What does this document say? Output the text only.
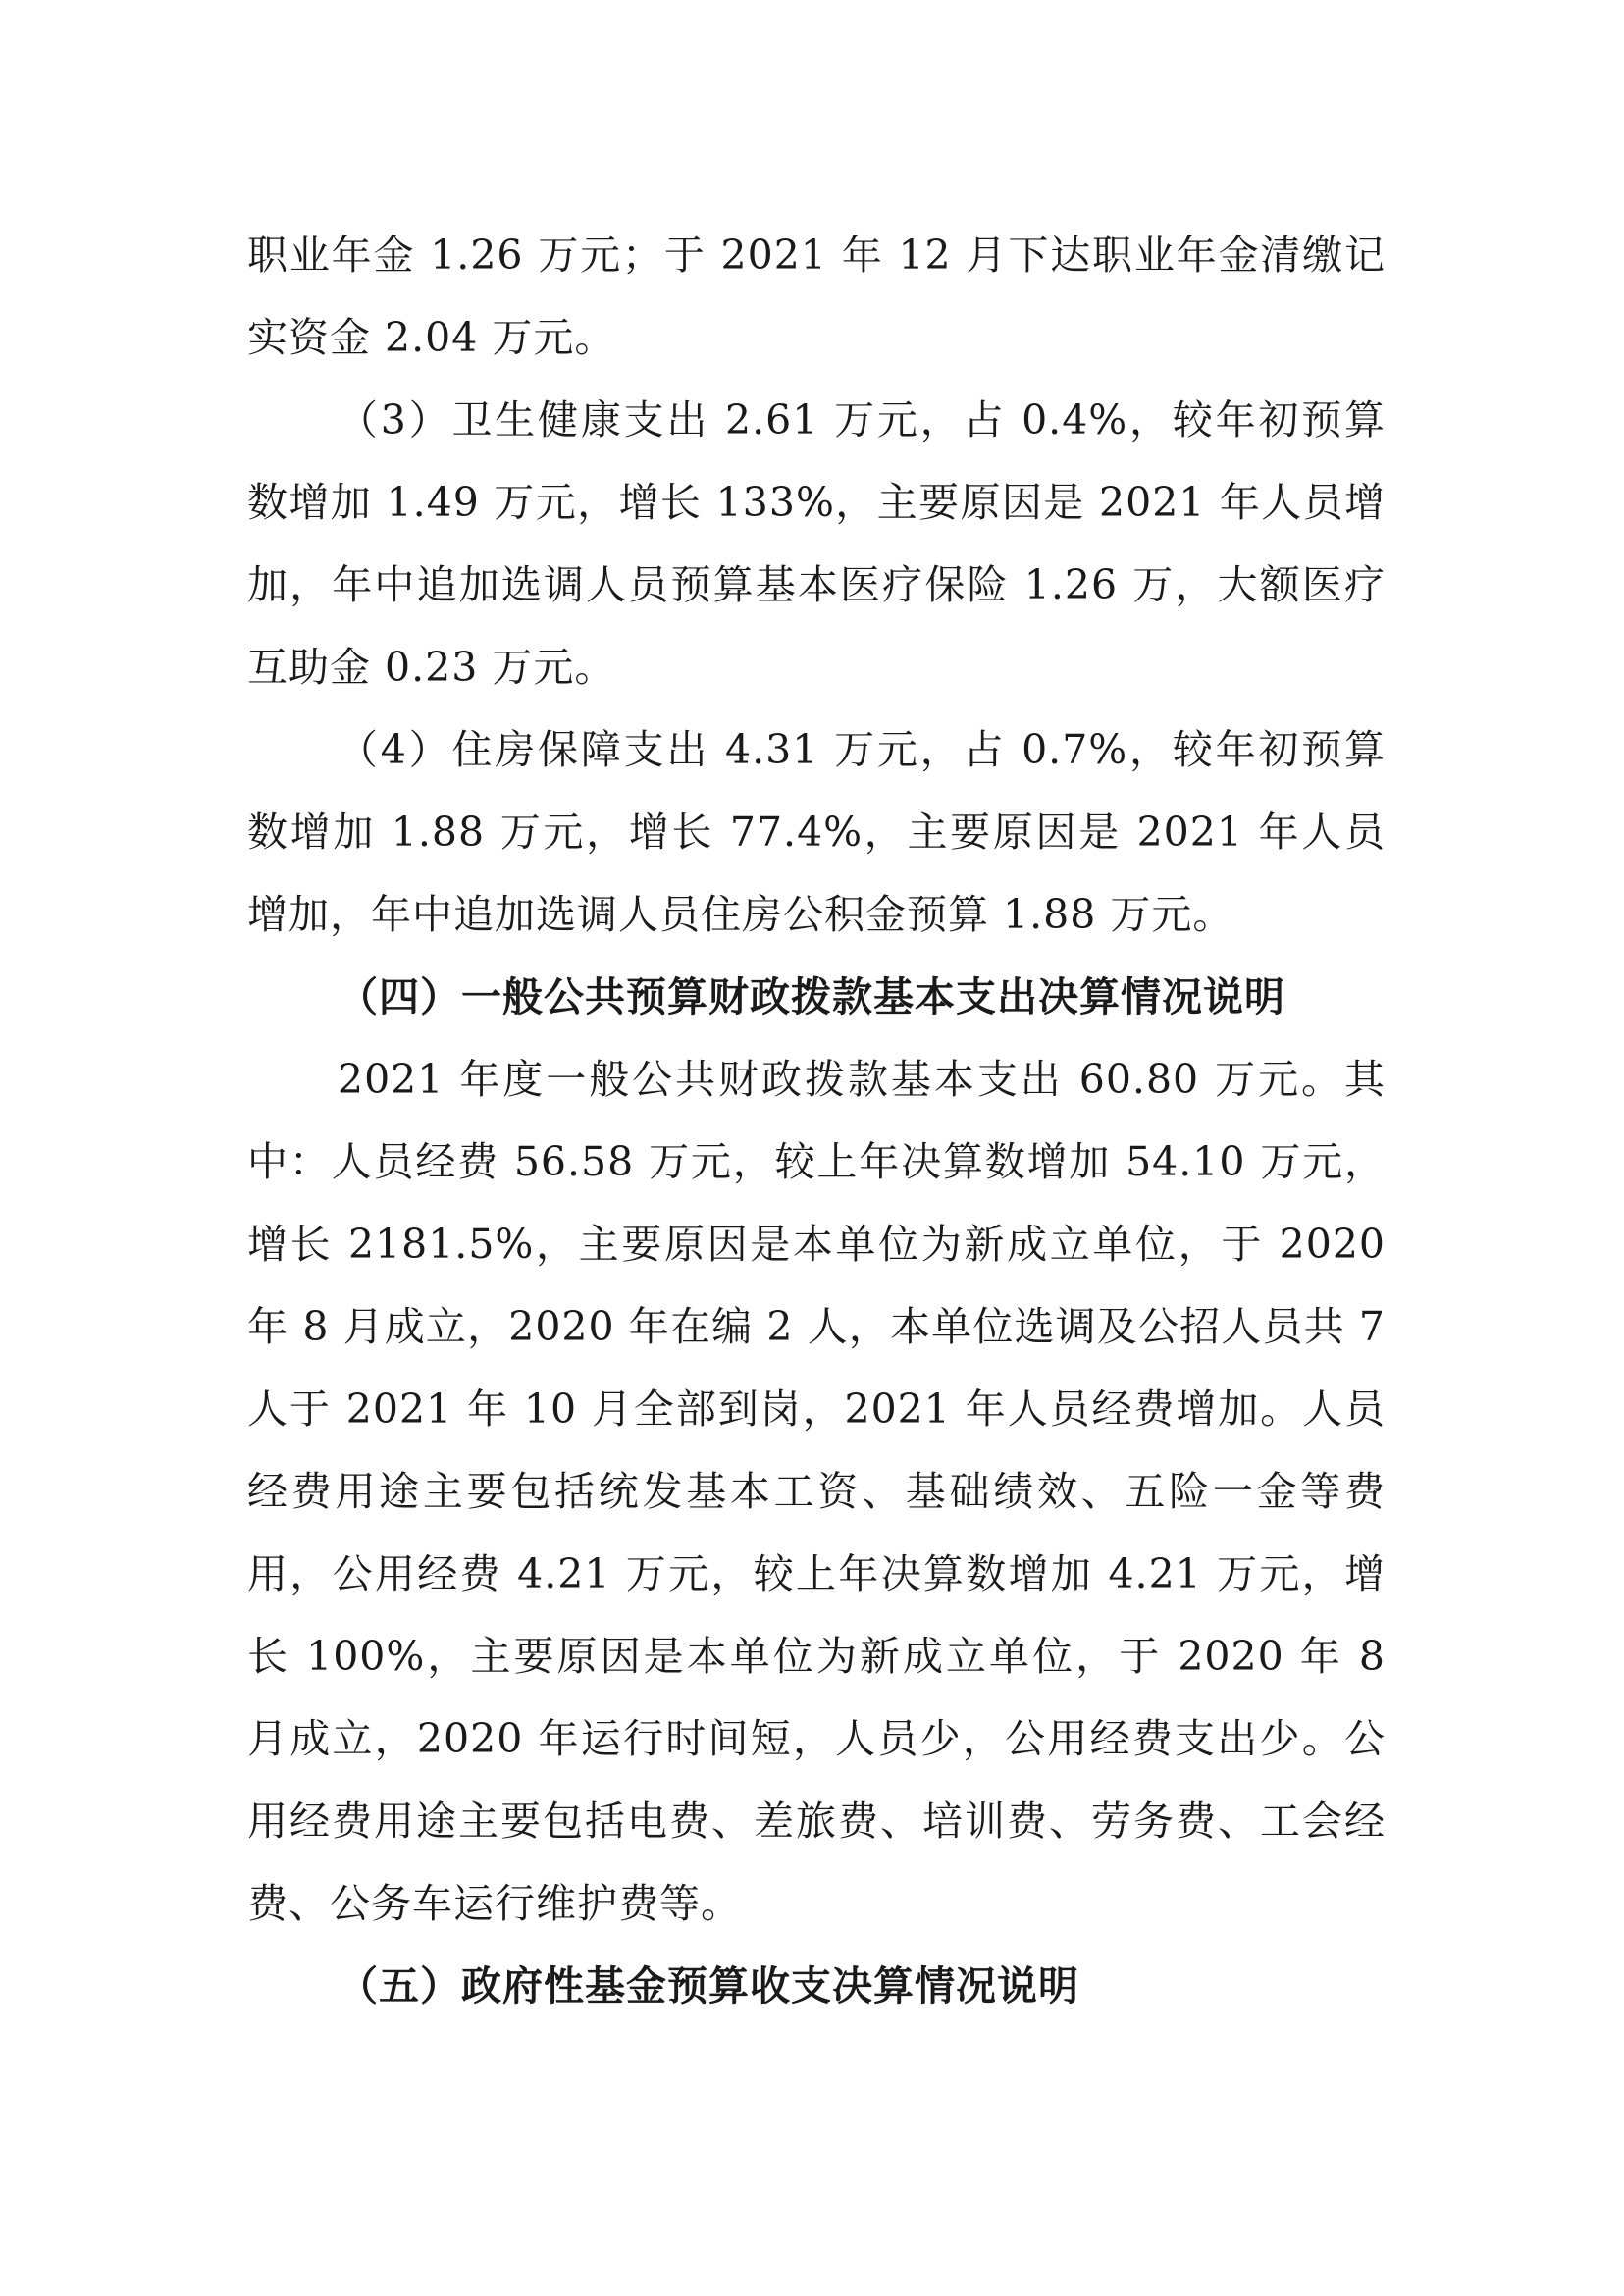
职业年金 1.26 万元；于 2021 年 12 月下达职业年金清缴记实资金 2.04 万元。

（3）卫生健康支出 2.61 万元，占 0.4%，较年初预算数增加 1.49 万元，增长 133%，主要原因是 2021 年人员增加，年中追加选调人员预算基本医疗保险 1.26 万，大额医疗互助金 0.23 万元。

（4）住房保障支出 4.31 万元，占 0.7%，较年初预算数增加 1.88 万元，增长 77.4%，主要原因是 2021 年人员增加，年中追加选调人员住房公积金预算 1.88 万元。

（四）一般公共预算财政拨款基本支出决算情况说明

2021 年度一般公共财政拨款基本支出 60.80 万元。其中：人员经费 56.58 万元，较上年决算数增加 54.10 万元，增长 2181.5%，主要原因是本单位为新成立单位，于 2020 年 8 月成立，2020 年在编 2 人，本单位选调及公招人员共 7 人于 2021 年 10 月全部到岗，2021 年人员经费增加。人员经费用途主要包括统发基本工资、基础绩效、五险一金等费用，公用经费 4.21 万元，较上年决算数增加 4.21 万元，增长 100%，主要原因是本单位为新成立单位，于 2020 年 8 月成立，2020 年运行时间短，人员少，公用经费支出少。公用经费用途主要包括电费、差旅费、培训费、劳务费、工会经费、公务车运行维护费等。

（五）政府性基金预算收支决算情况说明
